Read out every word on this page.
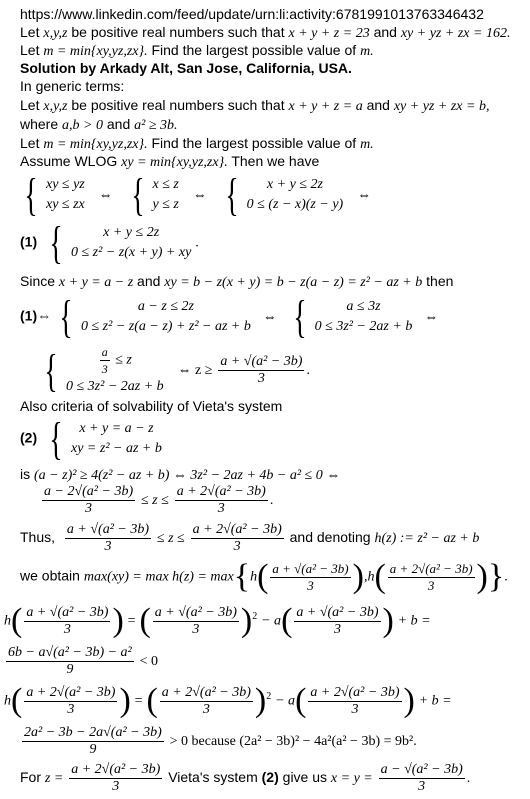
https://www.linkedin.com/feed/update/urn:li:activity:6781991013763346432
Let x,y,z be positive real numbers such that x + y + z = 23 and xy + yz + zx = 162.
Let m = min{xy,yz,zx}. Find the largest possible value of m.
Solution by Arkady Alt, San Jose, California, USA.
In generic terms:
Let x,y,z be positive real numbers such that x + y + z = a and xy + yz + zx = b,
where a,b > 0 and a² ≥ 3b.
Let m = min{xy,yz,zx}. Find the largest possible value of m.
Assume WLOG xy = min{xy,yz,zx}. Then we have
{ xy ≤ yz
xy ≤ zx
⇔ { x ≤ z
y ≤ z
⇔ {	x + y ≤ 2z
0 ≤ (z − x)(z − y)
⇔
(1) {	x + y ≤ 2z
0 ≤ z² − z(x + y) + xy
.
Since x + y = a − z and xy = b − z(x + y) = b − z(a − z) = z² − az + b then
(1)⇔ {	a − z ≤ 2z
0 ≤ z² − z(a − z) + z² − az + b
⇔ {	a ≤ 3z
0 ≤ 3z² − 2az + b
⇔
{	$\frac{a}{3} \le z$
0 ≤ 3z² − 2az + b
⇔ $z \ge \frac{\text{a + √(a² − 3b)}}{3}$ .
Also criteria of solvability of Vieta's system
(2) {	x + y = a − z
xy = z² − az + b
is (a − z)² ≥ 4(z² − az + b) ⇔ 3z² − 2az + 4b − a² ≤ 0 ⇔
$\frac{\text{a − 2√(a² − 3b)}}{3} \le z \le \frac{\text{a + 2√(a² − 3b)}}{3}$ .
Thus, $\frac{\text{a + √(a² − 3b)}}{3} \le z \le \frac{\text{a + 2√(a² − 3b)}}{3}$ and denoting h(z) := z² − az + b
we obtain $\max(xy) = \max h(z) = \max\{h( \frac{\text{a + √(a² − 3b)}}{3} ),h( \frac{\text{a + 2√(a² − 3b)}}{3}$ )}.
$h( \frac{\text{a + √(a² − 3b)}}{3}$ ) = ( $\frac{\text{a + √(a² − 3b)}}{3} )^2 - a( \frac{\text{a + √(a² − 3b)}}{3}$ ) + b =
$\frac{\text{6b − a√(a² − 3b) − a²}}{9} < 0$
$h( \frac{\text{a + 2√(a² − 3b)}}{3}$ ) = ( $\frac{\text{a + 2√(a² − 3b)}}{3} )^2 - a( \frac{\text{a + 2√(a² − 3b)}}{3}$ ) + b =
$\frac{\text{2a² − 3b − 2a√(a² − 3b)}}{9} > 0$ because (2a² − 3b)² − 4a²(a² − 3b) = 9b².
For $z = \frac{\text{a + 2√(a² − 3b)}}{3}$ Vieta's system (2) give us $x = y = \frac{\text{a − √(a² − 3b)}}{3}$ .
